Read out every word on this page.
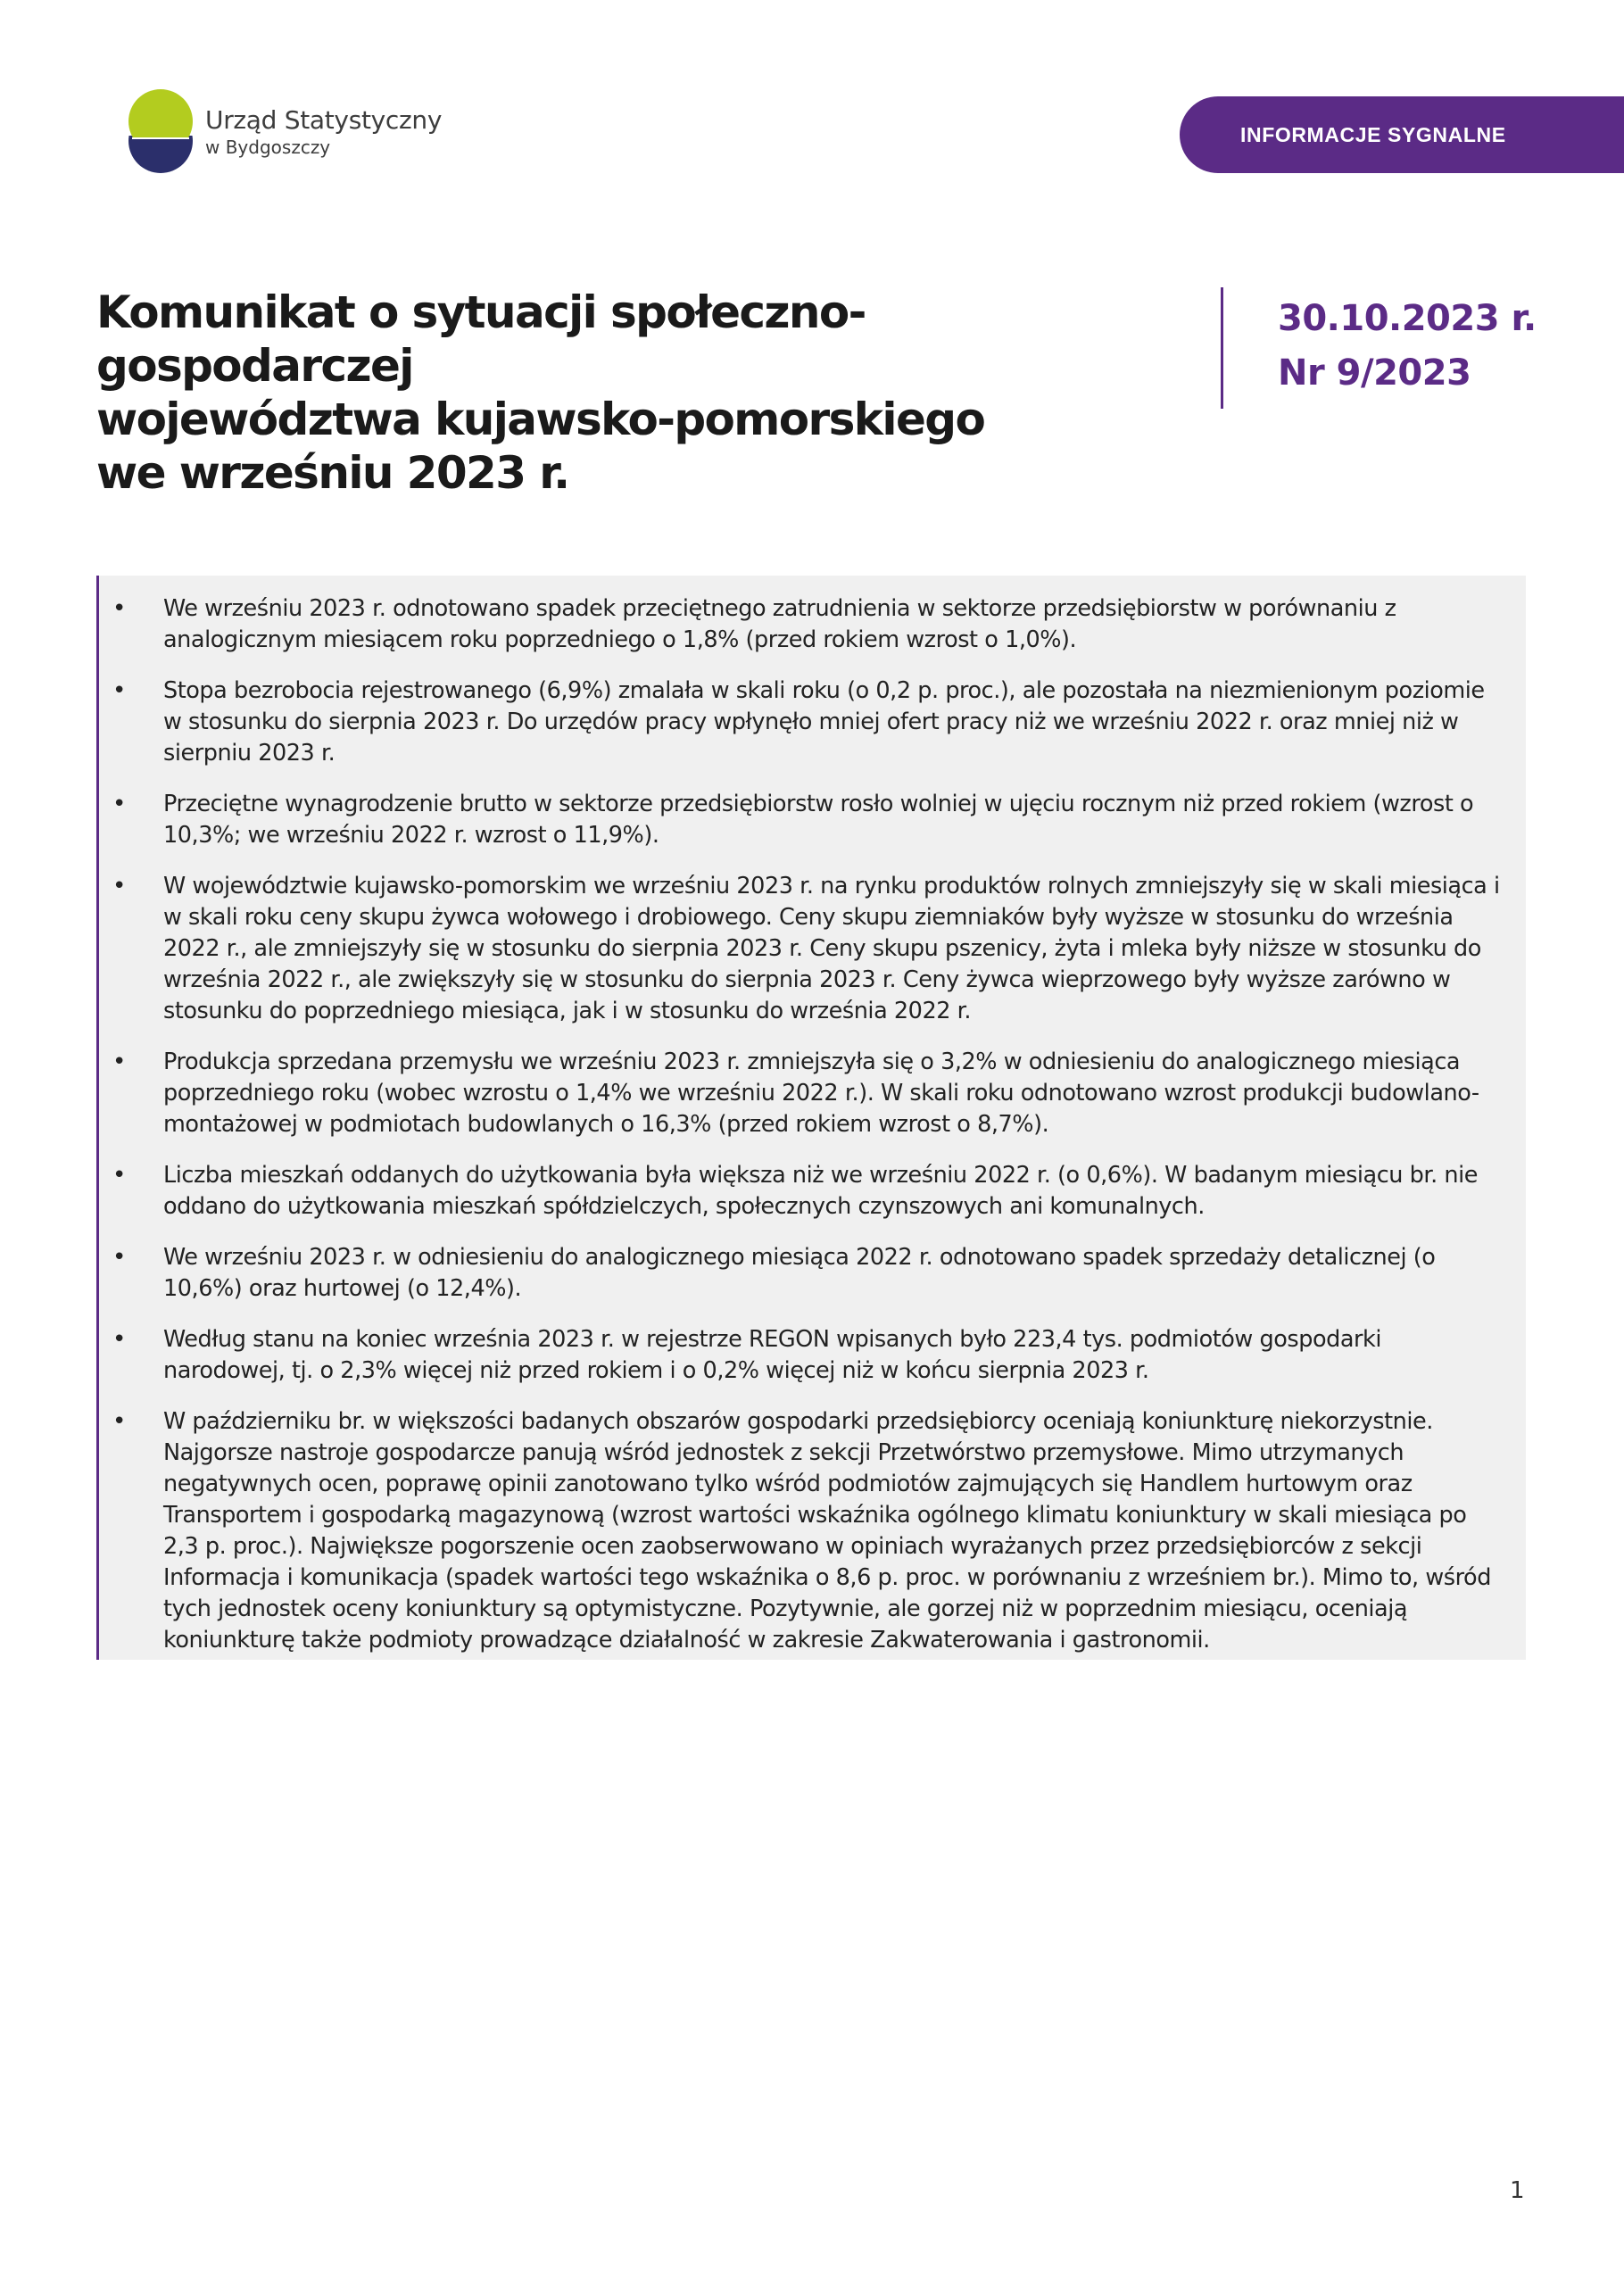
Urząd Statystyczny
w Bydgoszczy
INFORMACJE SYGNALNE
Komunikat o sytuacji społeczno-gospodarczej
województwa kujawsko-pomorskiego
we wrześniu 2023 r.
30.10.2023 r.
Nr 9/2023
• We wrześniu 2023 r. odnotowano spadek przeciętnego zatrudnienia w sektorze przedsiębiorstw w porównaniu z analogicznym miesiącem roku poprzedniego o 1,8% (przed rokiem wzrost o 1,0%).
• Stopa bezrobocia rejestrowanego (6,9%) zmalała w skali roku (o 0,2 p. proc.), ale pozostała na niezmienionym poziomie w stosunku do sierpnia 2023 r. Do urzędów pracy wpłynęło mniej ofert pracy niż we wrześniu 2022 r. oraz mniej niż w sierpniu 2023 r.
• Przeciętne wynagrodzenie brutto w sektorze przedsiębiorstw rosło wolniej w ujęciu rocznym niż przed rokiem (wzrost o 10,3%; we wrześniu 2022 r. wzrost o 11,9%).
• W województwie kujawsko-pomorskim we wrześniu 2023 r. na rynku produktów rolnych zmniejszyły się w skali miesiąca i w skali roku ceny skupu żywca wołowego i drobiowego. Ceny skupu ziemniaków były wyższe w stosunku do września 2022 r., ale zmniejszyły się w stosunku do sierpnia 2023 r. Ceny skupu pszenicy, żyta i mleka były niższe w stosunku do września 2022 r., ale zwiększyły się w stosunku do sierpnia 2023 r. Ceny żywca wieprzowego były wyższe zarówno w stosunku do poprzedniego miesiąca, jak i w stosunku do września 2022 r.
• Produkcja sprzedana przemysłu we wrześniu 2023 r. zmniejszyła się o 3,2% w odniesieniu do analogicznego miesiąca poprzedniego roku (wobec wzrostu o 1,4% we wrześniu 2022 r.). W skali roku odnotowano wzrost produkcji budowlano-montażowej w podmiotach budowlanych o 16,3% (przed rokiem wzrost o 8,7%).
• Liczba mieszkań oddanych do użytkowania była większa niż we wrześniu 2022 r. (o 0,6%). W badanym miesiącu br. nie oddano do użytkowania mieszkań spółdzielczych, społecznych czynszowych ani komunalnych.
• We wrześniu 2023 r. w odniesieniu do analogicznego miesiąca 2022 r. odnotowano spadek sprzedaży detalicznej (o 10,6%) oraz hurtowej (o 12,4%).
• Według stanu na koniec września 2023 r. w rejestrze REGON wpisanych było 223,4 tys. podmiotów gospodarki narodowej, tj. o 2,3% więcej niż przed rokiem i o 0,2% więcej niż w końcu sierpnia 2023 r.
• W październiku br. w większości badanych obszarów gospodarki przedsiębiorcy oceniają koniunkturę niekorzystnie. Najgorsze nastroje gospodarcze panują wśród jednostek z sekcji Przetwórstwo przemysłowe. Mimo utrzymanych negatywnych ocen, poprawę opinii zanotowano tylko wśród podmiotów zajmujących się Handlem hurtowym oraz Transportem i gospodarką magazynową (wzrost wartości wskaźnika ogólnego klimatu koniunktury w skali miesiąca po 2,3 p. proc.). Największe pogorszenie ocen zaobserwowano w opiniach wyrażanych przez przedsiębiorców z sekcji Informacja i komunikacja (spadek wartości tego wskaźnika o 8,6 p. proc. w porównaniu z wrześniem br.). Mimo to, wśród tych jednostek oceny koniunktury są optymistyczne. Pozytywnie, ale gorzej niż w poprzednim miesiącu, oceniają koniunkturę także podmioty prowadzące działalność w zakresie Zakwaterowania i gastronomii.
1
